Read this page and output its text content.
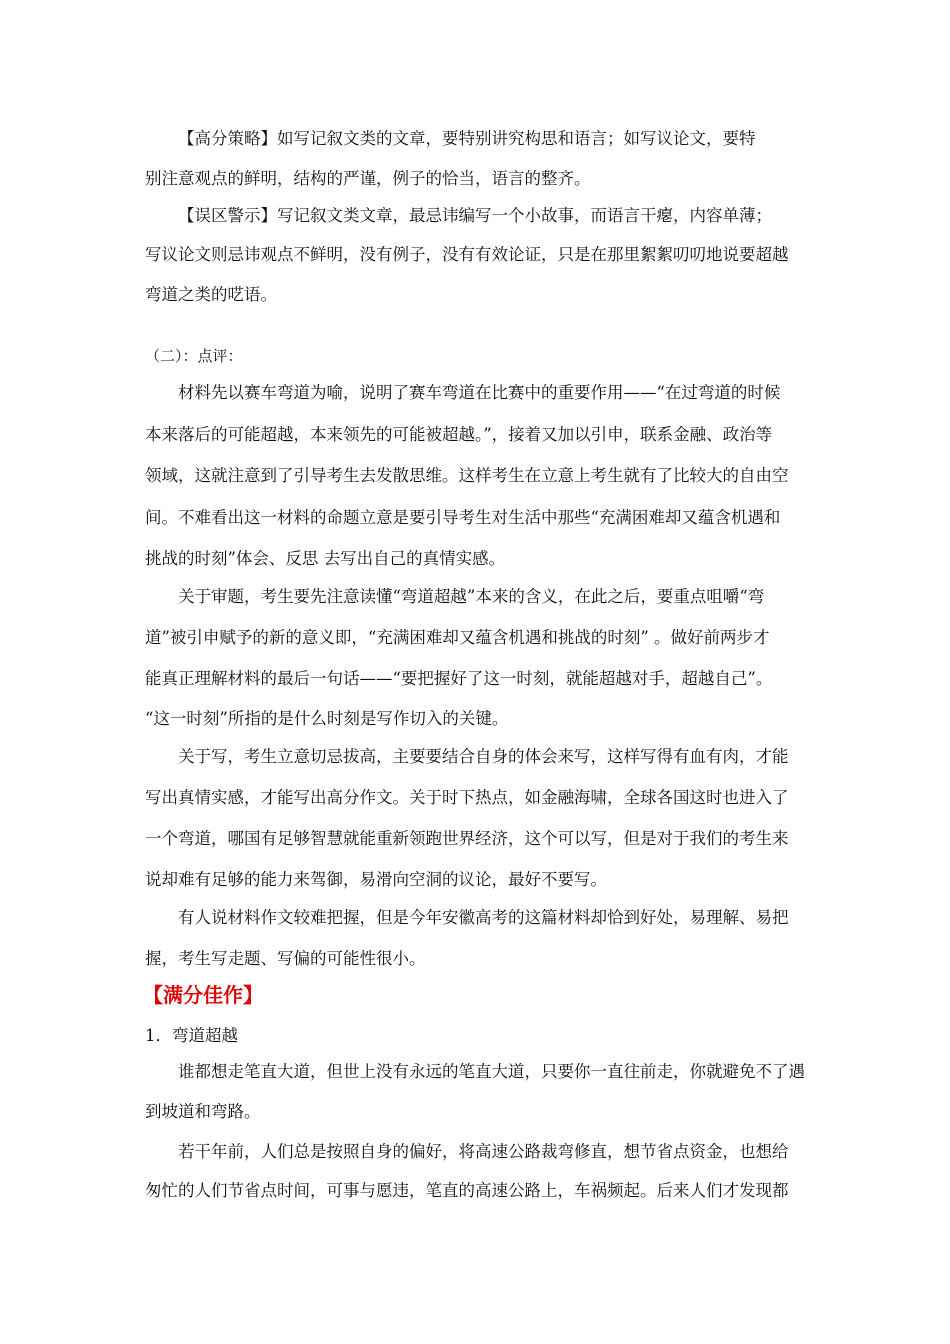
【高分策略】如写记叙文类的文章，要特别讲究构思和语言；如写议论文，要特
别注意观点的鲜明，结构的严谨，例子的恰当，语言的整齐。
【误区警示】写记叙文类文章，最忌讳编写一个小故事，而语言干瘪，内容单薄；
写议论文则忌讳观点不鲜明，没有例子，没有有效论证，只是在那里絮絮叨叨地说要超越
弯道之类的呓语。
（二）：点评：
材料先以赛车弯道为喻，说明了赛车弯道在比赛中的重要作用——“在过弯道的时候
本来落后的可能超越，本来领先的可能被超越。”，接着又加以引申，联系金融、政治等
领域，这就注意到了引导考生去发散思维。这样考生在立意上考生就有了比较大的自由空
间。不难看出这一材料的命题立意是要引导考生对生活中那些“充满困难却又蕴含机遇和
挑战的时刻”体会、反思 去写出自己的真情实感。
关于审题，考生要先注意读懂“弯道超越”本来的含义，在此之后，要重点咀嚼“弯
道”被引申赋予的新的意义即，“充满困难却又蕴含机遇和挑战的时刻” 。做好前两步才
能真正理解材料的最后一句话——“要把握好了这一时刻，就能超越对手，超越自己”。
“这一时刻”所指的是什么时刻是写作切入的关键。
关于写，考生立意切忌拔高，主要要结合自身的体会来写，这样写得有血有肉，才能
写出真情实感，才能写出高分作文。关于时下热点，如金融海啸，全球各国这时也进入了
一个弯道，哪国有足够智慧就能重新领跑世界经济，这个可以写，但是对于我们的考生来
说却难有足够的能力来驾御，易滑向空洞的议论，最好不要写。
有人说材料作文较难把握，但是今年安徽高考的这篇材料却恰到好处，易理解、易把
握，考生写走题、写偏的可能性很小。
【满分佳作】
1．弯道超越
谁都想走笔直大道，但世上没有永远的笔直大道，只要你一直往前走，你就避免不了遇
到坡道和弯路。
若干年前，人们总是按照自身的偏好，将高速公路裁弯修直，想节省点资金，也想给
匆忙的人们节省点时间，可事与愿违，笔直的高速公路上，车祸频起。后来人们才发现都
